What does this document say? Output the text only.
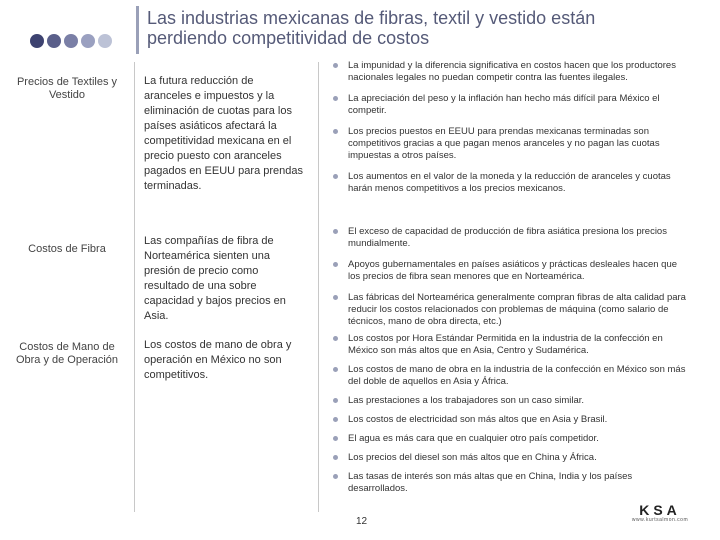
Las industrias mexicanas de fibras, textil y vestido están
perdiendo competitividad de costos
Precios de Textiles y Vestido
La futura reducción de aranceles e impuestos y la eliminación de cuotas para los países asiáticos afectará la competitividad mexicana en el precio puesto con aranceles pagados en EEUU para prendas terminadas.
La impunidad y la diferencia significativa en costos hacen que los productores nacionales legales no puedan competir contra las fuentes ilegales.
La apreciación del peso y la inflación han hecho más difícil para México el competir.
Los precios puestos en EEUU para prendas mexicanas terminadas son competitivos gracias a que pagan menos aranceles y no pagan las cuotas impuestas a otros países.
Los aumentos en el valor de la moneda y la reducción de aranceles y cuotas harán menos competitivos a los precios mexicanos.
Costos de Fibra
Las compañías de fibra de Norteamérica sienten una presión de precio como resultado de una sobre capacidad y bajos precios en Asia.
El exceso de capacidad de producción de fibra asiática presiona los precios mundialmente.
Apoyos gubernamentales en países asiáticos y prácticas desleales hacen que los precios de fibra sean menores que en Norteamérica.
Las fábricas del Norteamérica generalmente compran fibras de alta calidad para reducir los costos relacionados con problemas de máquina (como salario de técnicos, mano de obra directa, etc.)
Costos de Mano de Obra y de Operación
Los costos de mano de obra y operación en México no son competitivos.
Los costos por Hora Estándar Permitida en la industria de la confección en México son más altos que en Asia, Centro y Sudamérica.
Los costos de mano de obra en la industria de la confección en México son más del doble de aquellos en Asia y África.
Las prestaciones a los trabajadores son un caso similar.
Los costos de electricidad son más altos que en Asia y Brasil.
El agua es más cara que en cualquier otro país competidor.
Los precios del diesel son más altos que en China y África.
Las tasas de interés son más altas que en China, India y los países desarrollados.
12
KSA
www.kurtsalmon.com
